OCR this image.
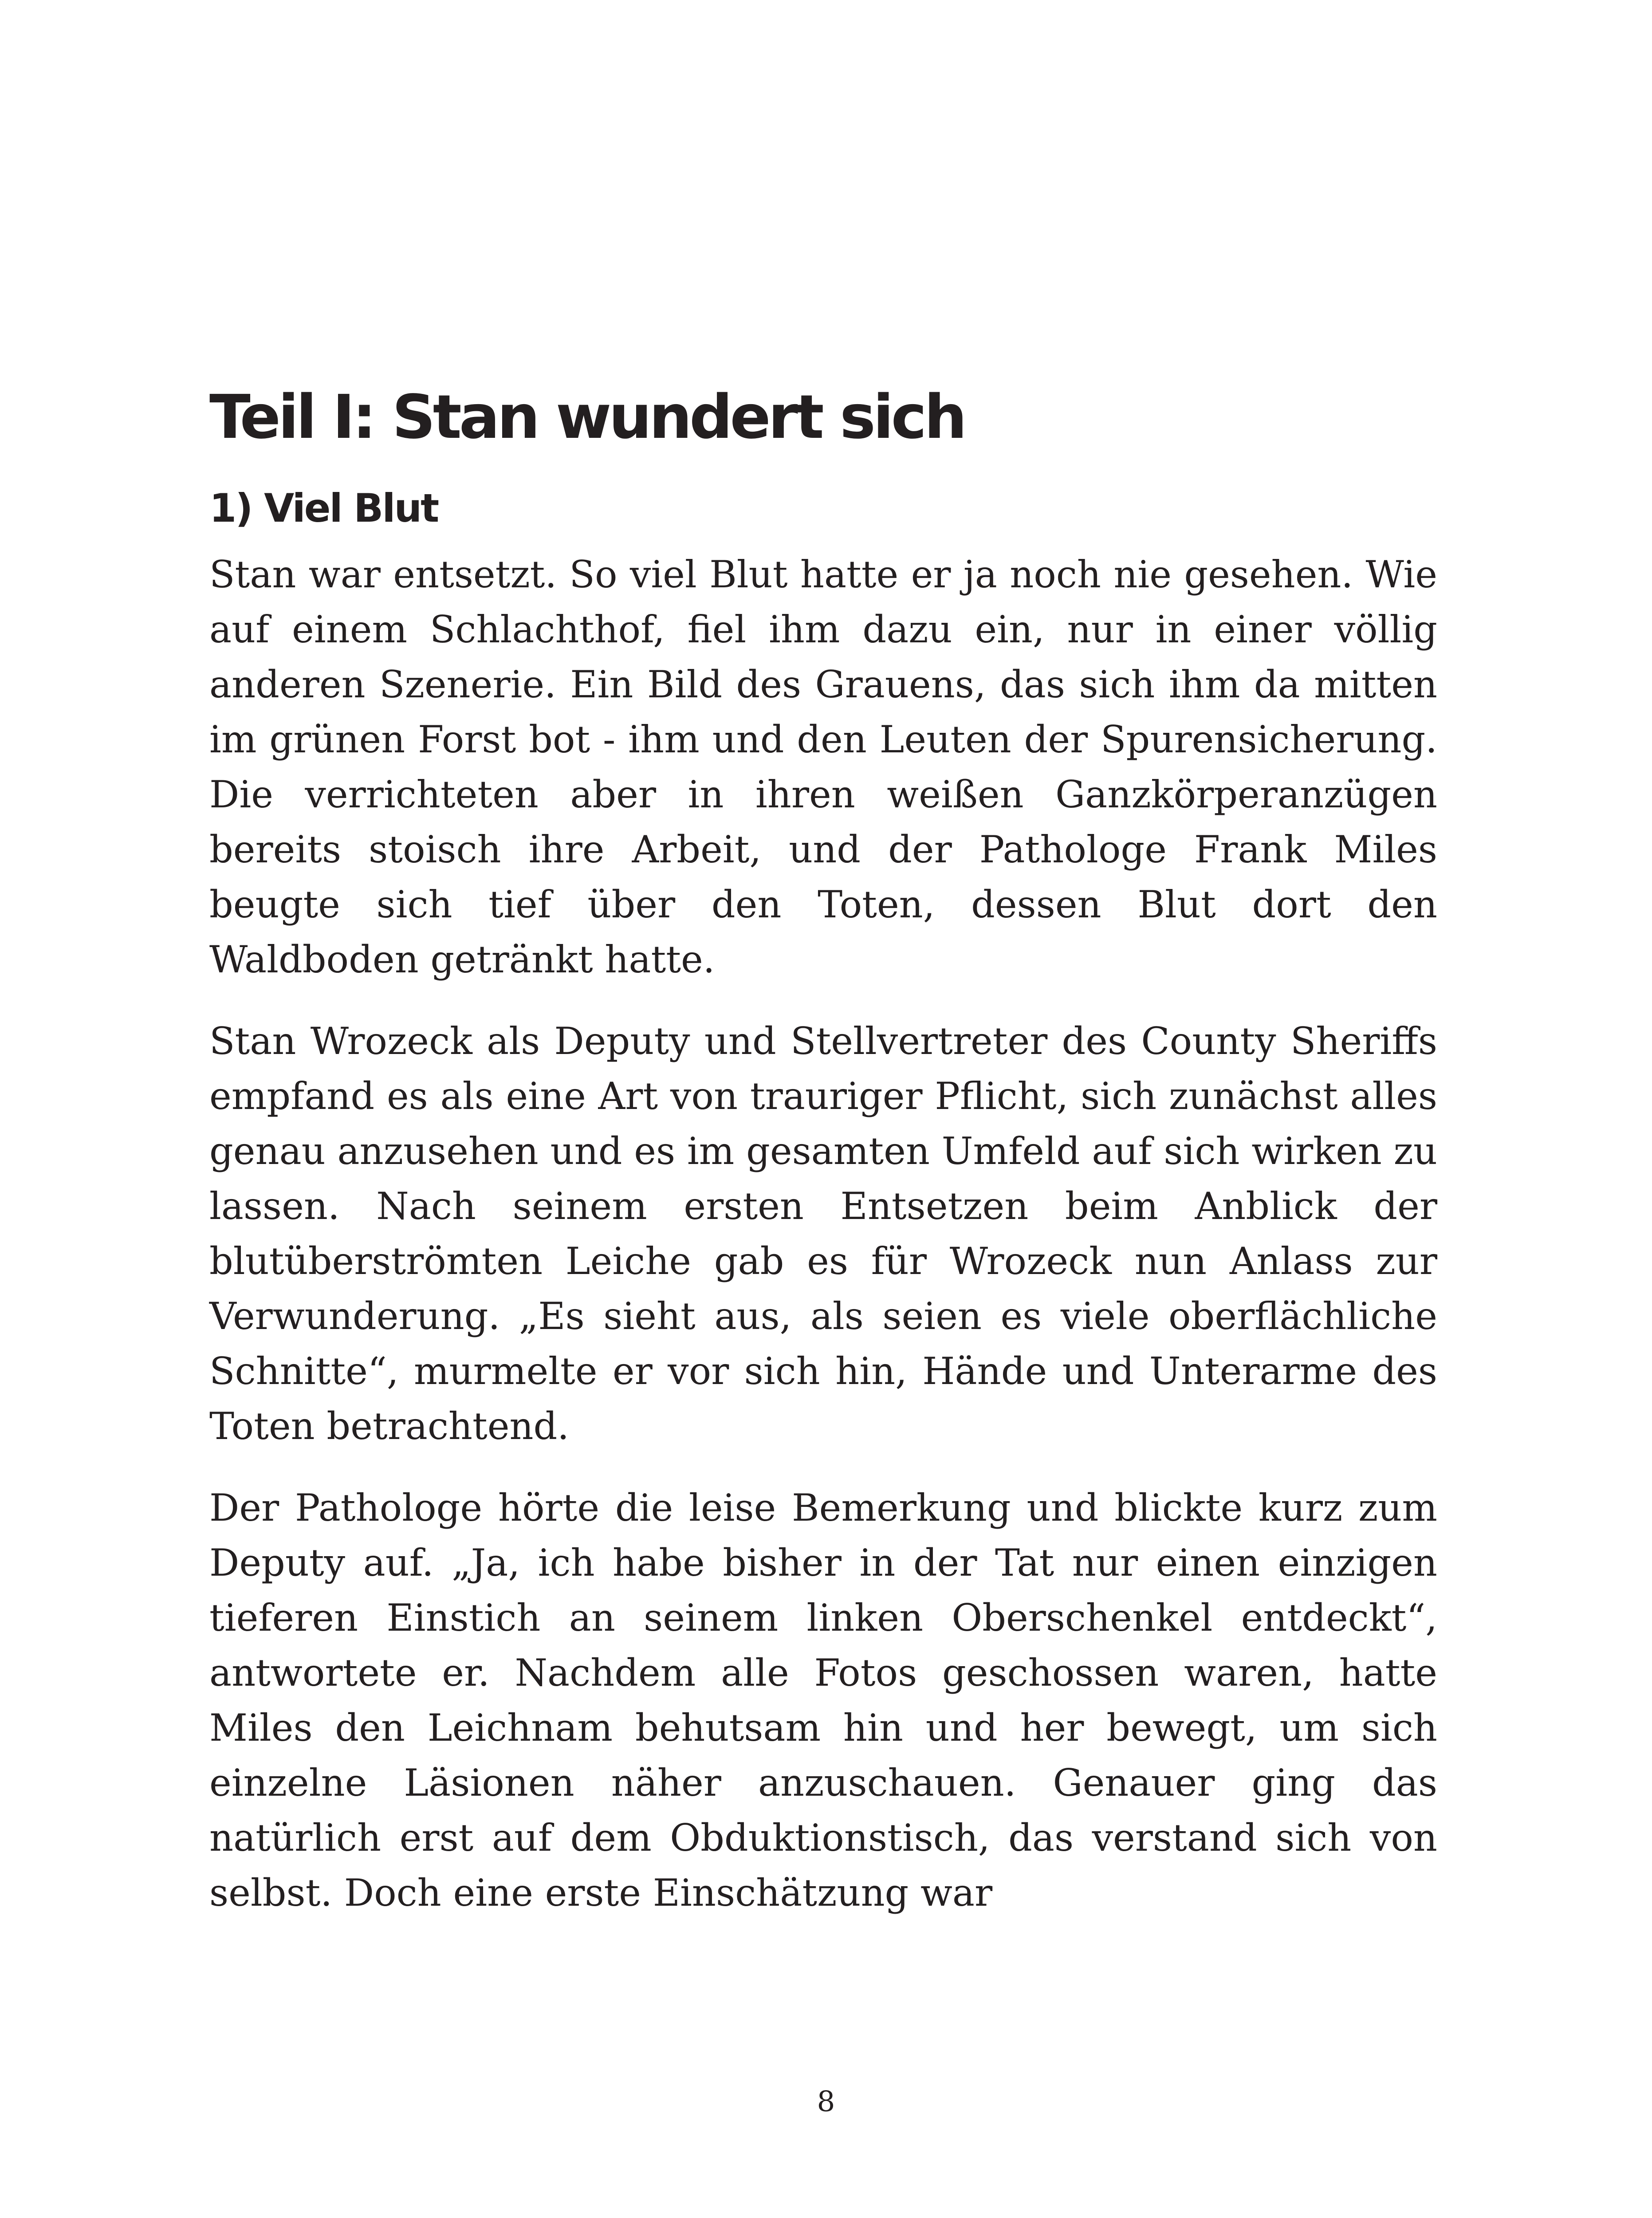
Teil I: Stan wundert sich
1) Viel Blut

Stan war entsetzt. So viel Blut hatte er ja noch nie gesehen. Wie auf einem Schlachthof, fiel ihm dazu ein, nur in einer völlig anderen Szenerie. Ein Bild des Grauens, das sich ihm da mitten im grünen Forst bot - ihm und den Leuten der Spurensicherung. Die verrichteten aber in ihren weißen Ganzkörperanzügen bereits stoisch ihre Arbeit, und der Pathologe Frank Miles beugte sich tief über den Toten, dessen Blut dort den Waldboden getränkt hatte.

Stan Wrozeck als Deputy und Stellvertreter des County Sheriffs empfand es als eine Art von trauriger Pflicht, sich zunächst alles genau anzusehen und es im gesamten Umfeld auf sich wirken zu lassen. Nach seinem ersten Entsetzen beim Anblick der blutüberströmten Leiche gab es für Wrozeck nun Anlass zur Verwunderung. „Es sieht aus, als seien es viele oberflächliche Schnitte“, murmelte er vor sich hin, Hände und Unterarme des Toten betrachtend.

Der Pathologe hörte die leise Bemerkung und blickte kurz zum Deputy auf. „Ja, ich habe bisher in der Tat nur einen einzigen tieferen Einstich an seinem linken Oberschenkel entdeckt“, antwortete er. Nachdem alle Fotos geschossen waren, hatte Miles den Leichnam behutsam hin und her bewegt, um sich einzelne Läsionen näher anzuschauen. Genauer ging das natürlich erst auf dem Obduktionstisch, das verstand sich von selbst. Doch eine erste Einschätzung war

8
